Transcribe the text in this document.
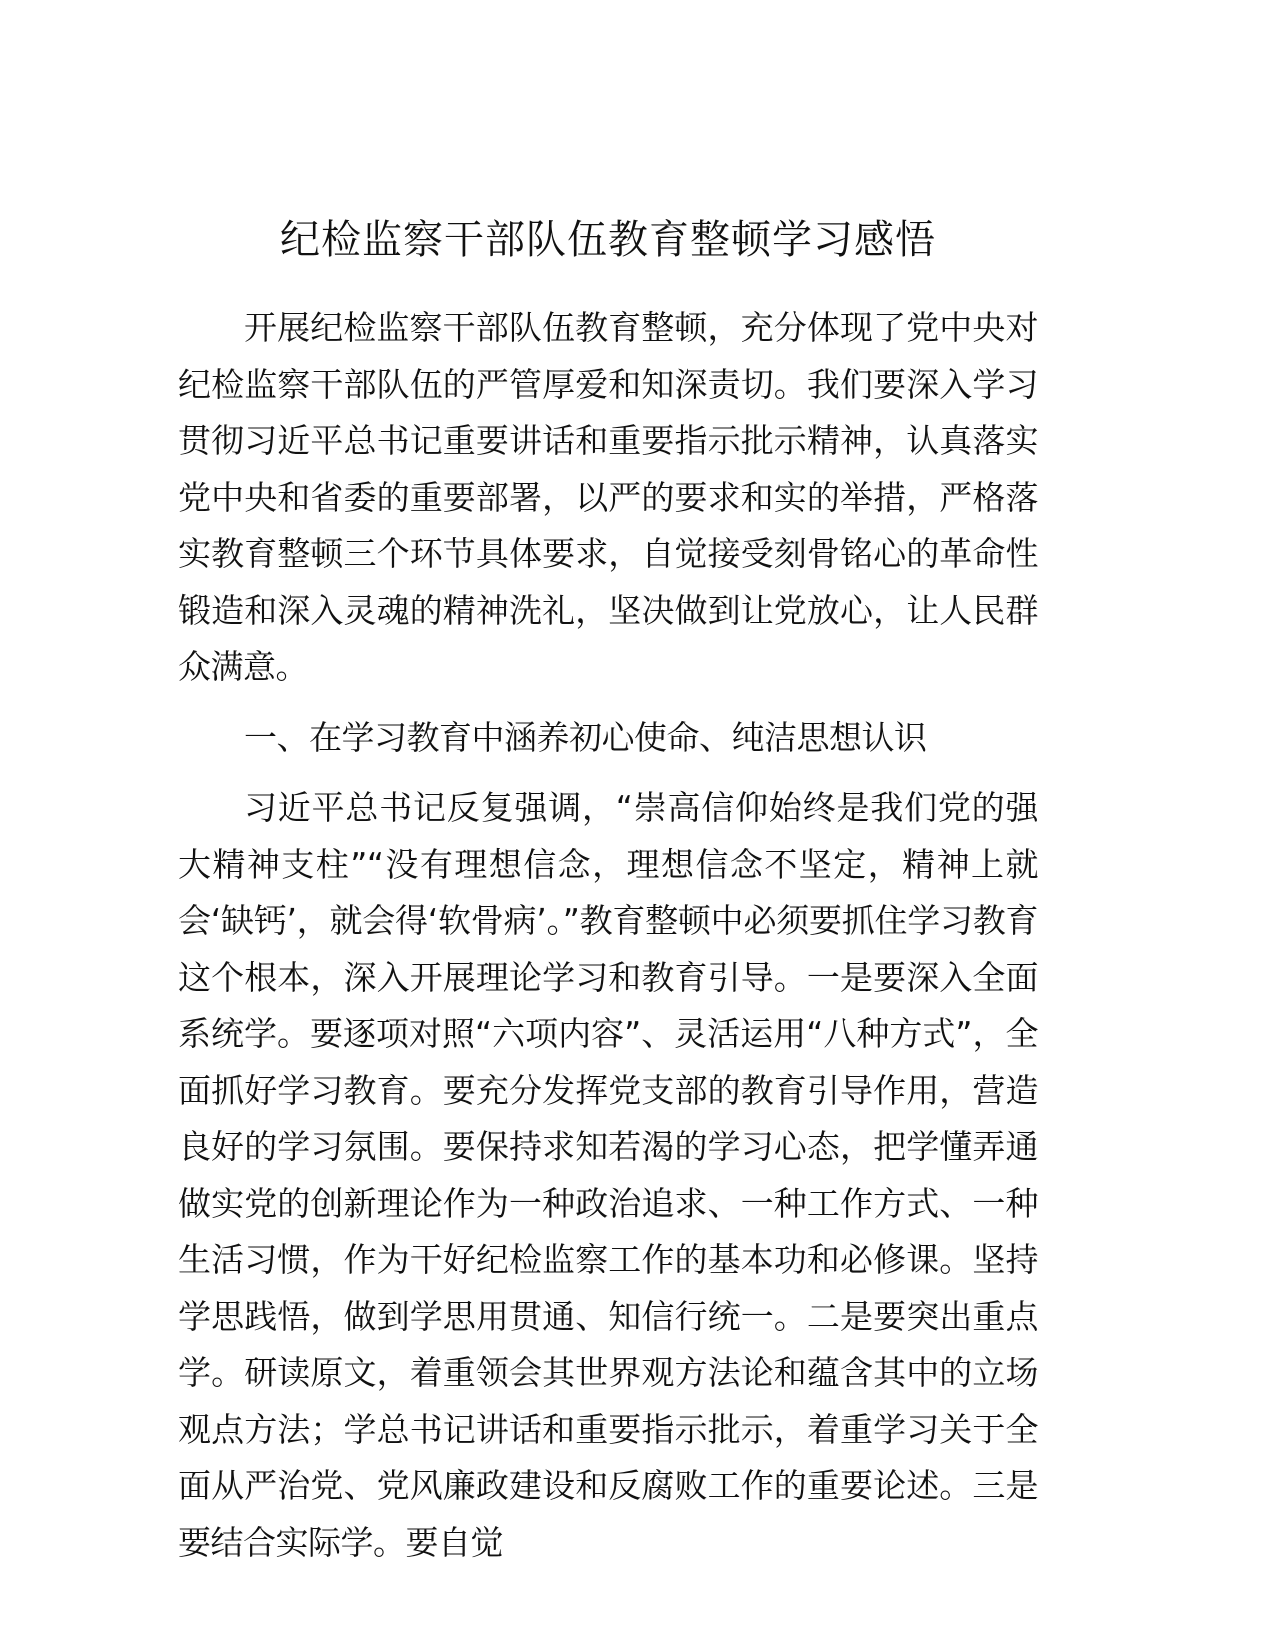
纪检监察干部队伍教育整顿学习感悟

开展纪检监察干部队伍教育整顿，充分体现了党中央对纪检监察干部队伍的严管厚爱和知深责切。我们要深入学习贯彻习近平总书记重要讲话和重要指示批示精神，认真落实党中央和省委的重要部署，以严的要求和实的举措，严格落实教育整顿三个环节具体要求，自觉接受刻骨铭心的革命性锻造和深入灵魂的精神洗礼，坚决做到让党放心，让人民群众满意。

一、在学习教育中涵养初心使命、纯洁思想认识

习近平总书记反复强调，“崇高信仰始终是我们党的强大精神支柱”“没有理想信念，理想信念不坚定，精神上就会‘缺钙’，就会得‘软骨病’。”教育整顿中必须要抓住学习教育这个根本，深入开展理论学习和教育引导。一是要深入全面系统学。要逐项对照“六项内容”、灵活运用“八种方式”，全面抓好学习教育。要充分发挥党支部的教育引导作用，营造良好的学习氛围。要保持求知若渴的学习心态，把学懂弄通做实党的创新理论作为一种政治追求、一种工作方式、一种生活习惯，作为干好纪检监察工作的基本功和必修课。坚持学思践悟，做到学思用贯通、知信行统一。二是要突出重点学。研读原文，着重领会其世界观方法论和蕴含其中的立场观点方法；学总书记讲话和重要指示批示，着重学习关于全面从严治党、党风廉政建设和反腐败工作的重要论述。三是要结合实际学。要自觉
